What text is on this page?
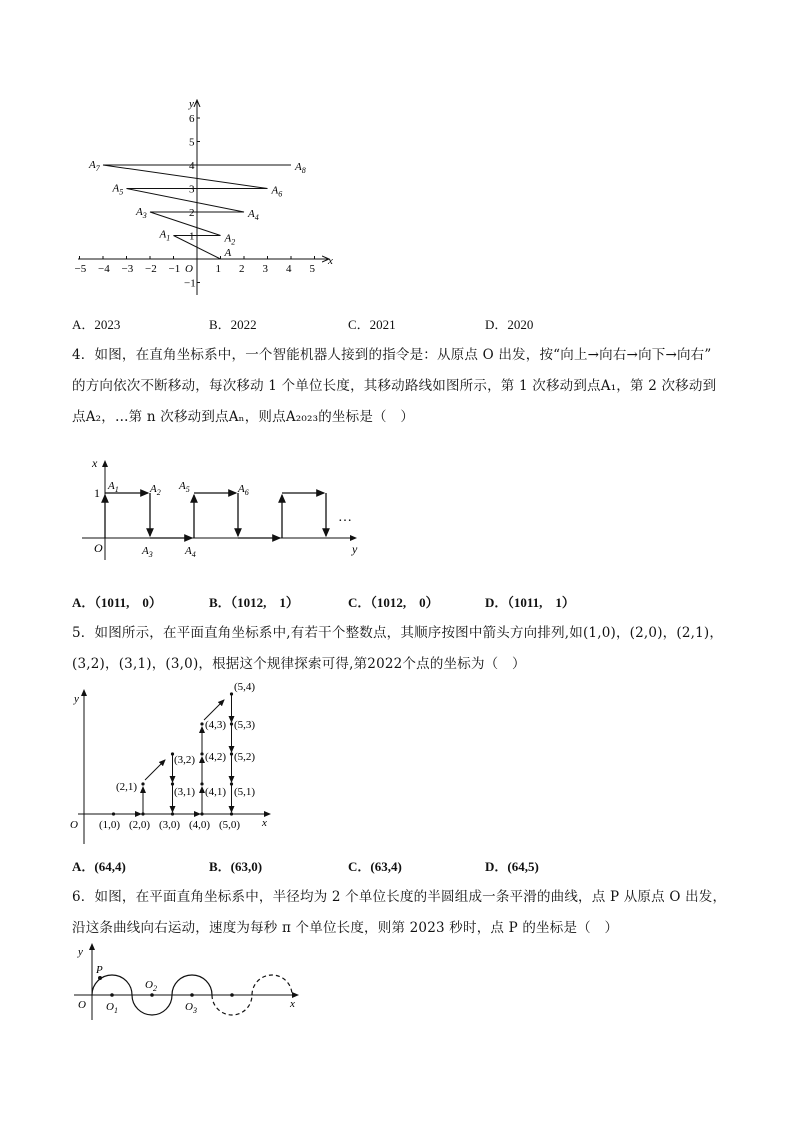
−5 −4 −3 −2 −1 O 1 2 3 4 5
6
5
4
3
2
1
−1
x
y
A
$A_1$	$A_2$
$A_3$	$A_4$
$A_5$	$A_6$
$A_7$	$A_8$
A．2023	B．2022	C．2021	D．2020
4．如图，在直角坐标系中，一个智能机器人接到的指令是：从原点 O 出发，按“向上→向右→向下→向右”
的方向依次不断移动，每次移动 1 个单位长度，其移动路线如图所示，第 1 次移动到点A₁，第 2 次移动到
点A₂，…第 n 次移动到点Aₙ，则点A₂₀₂₃的坐标是（　）
x
1
O	y
…
$A_1$	$A_2$
$A_3$	$A_4$
$A_5$	$A_6$
A．（1011,　0）	B．（1012,　1）	C．（1012,　0）	D．（1011,　1）
5．如图所示，在平面直角坐标系中,有若干个整数点，其顺序按图中箭头方向排列,如(1,0)，(2,0)，(2,1)，
(3,2)，(3,1)，(3,0)，根据这个规律探索可得,第2022个点的坐标为（　）
O	x
y
(1,0) (2,0) (3,0) (4,0) (5,0)
(2,1)
(3,2)
(3,1)
(4,3)
(4,2)
(4,1)
(5,4)
(5,3)
(5,2)
(5,1)
A．(64,4)	B．(63,0)	C．(63,4)	D．(64,5)
6．如图，在平面直角坐标系中，半径均为 2 个单位长度的半圆组成一条平滑的曲线，点 P 从原点 O 出发，
沿这条曲线向右运动，速度为每秒 π 个单位长度，则第 2023 秒时，点 P 的坐标是（　）
y
O	x
P
$O_1$
$O_2$
$O_3$
